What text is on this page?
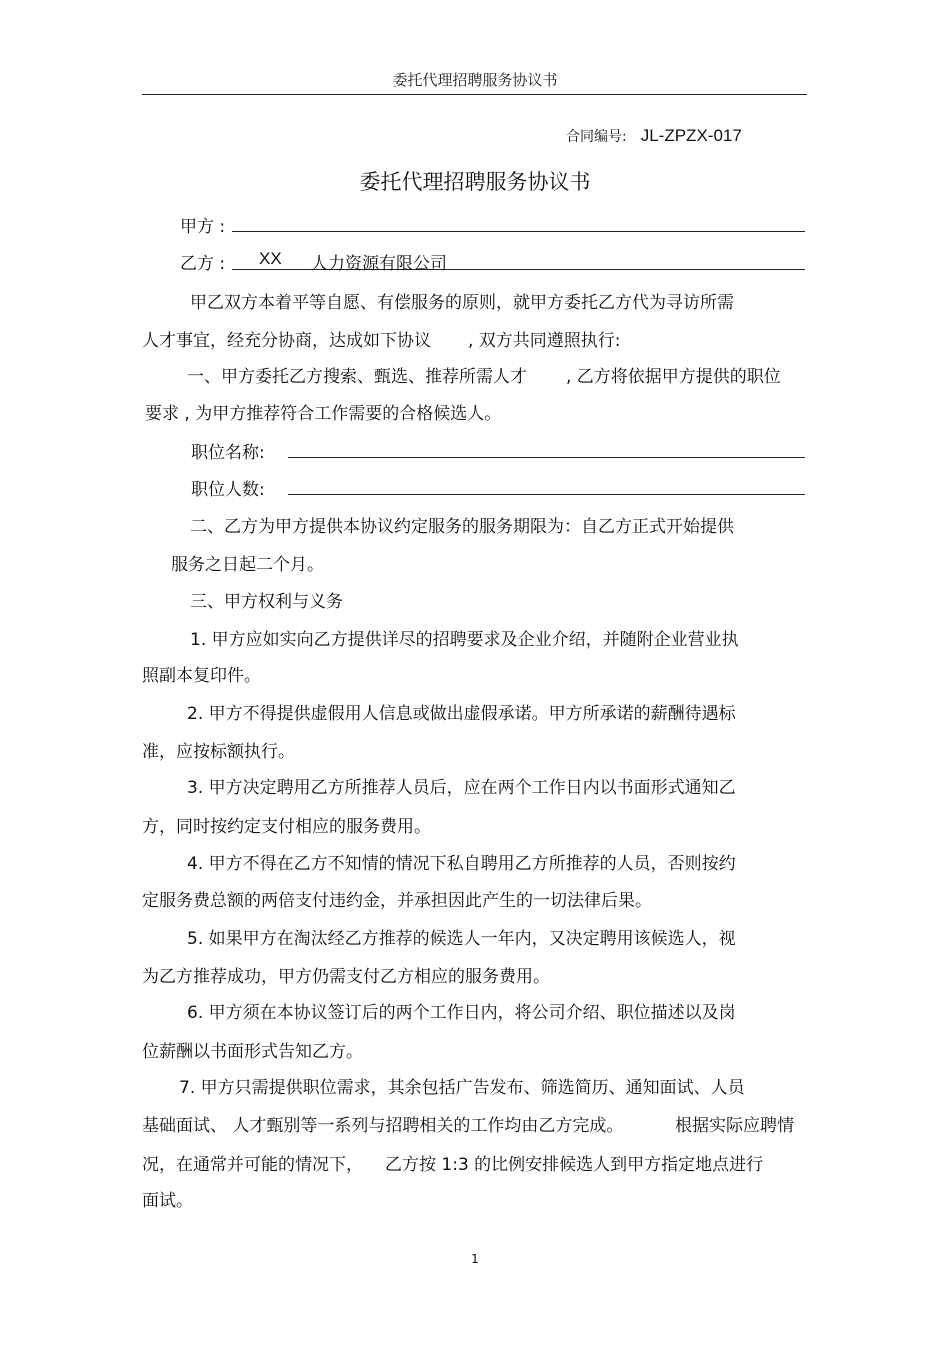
委托代理招聘服务协议书
合同编号: JL-ZPZX-017
委托代理招聘服务协议书
甲方 :
乙方 : XX 人力资源有限公司
甲乙双方本着平等自愿、有偿服务的原则，就甲方委托乙方代为寻访所需
人才事宜，经充分协商，达成如下协议 , 双方共同遵照执行:
一、甲方委托乙方搜索、甄选、推荐所需人才 , 乙方将依据甲方提供的职位
要求 , 为甲方推荐符合工作需要的合格候选人。
职位名称:
职位人数:
二、乙方为甲方提供本协议约定服务的服务期限为：自乙方正式开始提供
服务之日起二个月。
三、甲方权利与义务
1. 甲方应如实向乙方提供详尽的招聘要求及企业介绍，并随附企业营业执
照副本复印件。
2. 甲方不得提供虚假用人信息或做出虚假承诺。甲方所承诺的薪酬待遇标
准，应按标额执行。
3. 甲方决定聘用乙方所推荐人员后，应在两个工作日内以书面形式通知乙
方，同时按约定支付相应的服务费用。
4. 甲方不得在乙方不知情的情况下私自聘用乙方所推荐的人员，否则按约
定服务费总额的两倍支付违约金，并承担因此产生的一切法律后果。
5. 如果甲方在淘汰经乙方推荐的候选人一年内，又决定聘用该候选人，视
为乙方推荐成功，甲方仍需支付乙方相应的服务费用。
6. 甲方须在本协议签订后的两个工作日内，将公司介绍、职位描述以及岗
位薪酬以书面形式告知乙方。
7. 甲方只需提供职位需求，其余包括广告发布、筛选简历、通知面试、人员
基础面试、 人才甄别等一系列与招聘相关的工作均由乙方完成。	根据实际应聘情
况，在通常并可能的情况下， 乙方按 1:3 的比例安排候选人到甲方指定地点进行
面试。
1
